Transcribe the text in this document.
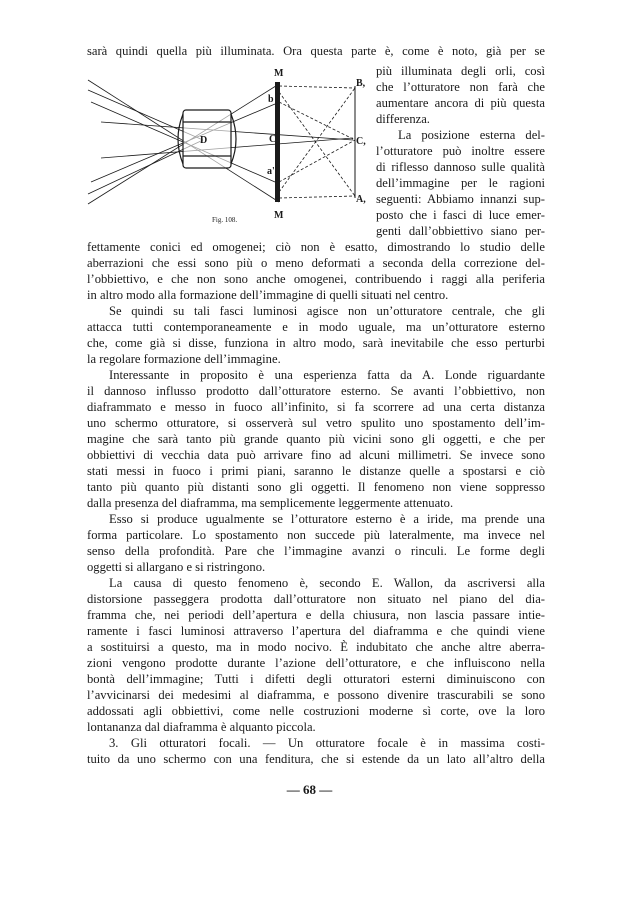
sarà quindi quella più illuminata. Ora questa parte è, come è noto, già per se
D
M
M
b
C
a'
B,
C,
A,
Fig. 108.
più illuminata degli orli, così
che l’otturatore non farà che
aumentare ancora di più questa
differenza.
La posizione esterna del-
l’otturatore può inoltre essere
di riflesso dannoso sulle qualità
dell’immagine per le ragioni
seguenti: Abbiamo innanzi sup-
posto che i fasci di luce emer-
genti dall’obbiettivo siano per-
fettamente conici ed omogenei; ciò non è esatto, dimostrando lo studio delle
aberrazioni che essi sono più o meno deformati a seconda della correzione del-
l’obbiettivo, e che non sono anche omogenei, contribuendo i raggi alla periferia
in altro modo alla formazione dell’immagine di quelli situati nel centro.
Se quindi su tali fasci luminosi agisce non un’otturatore centrale, che gli
attacca tutti contemporaneamente e in modo uguale, ma un’otturatore esterno
che, come già si disse, funziona in altro modo, sarà inevitabile che esso perturbi
la regolare formazione dell’immagine.
Interessante in proposito è una esperienza fatta da A. Londe riguardante
il dannoso influsso prodotto dall’otturatore esterno. Se avanti l’obbiettivo, non
diaframmato e messo in fuoco all’infinito, si fa scorrere ad una certa distanza
uno schermo otturatore, si osserverà sul vetro spulito uno spostamento dell’im-
magine che sarà tanto più grande quanto più vicini sono gli oggetti, e che per
obbiettivi di vecchia data può arrivare fino ad alcuni millimetri. Se invece sono
stati messi in fuoco i primi piani, saranno le distanze quelle a spostarsi e ciò
tanto più quanto più distanti sono gli oggetti. Il fenomeno non viene soppresso
dalla presenza del diaframma, ma semplicemente leggermente attenuato.
Esso si produce ugualmente se l’otturatore esterno è a iride, ma prende una
forma particolare. Lo spostamento non succede più lateralmente, ma invece nel
senso della profondità. Pare che l’immagine avanzi o rinculi. Le forme degli
oggetti si allargano e si ristringono.
La causa di questo fenomeno è, secondo E. Wallon, da ascriversi alla
distorsione passeggera prodotta dall’otturatore non situato nel piano del dia-
framma che, nei periodi dell’apertura e della chiusura, non lascia passare intie-
ramente i fasci luminosi attraverso l’apertura del diaframma e che quindi viene
a sostituirsi a questo, ma in modo nocivo. È indubitato che anche altre aberra-
zioni vengono prodotte durante l’azione dell’otturatore, e che influiscono nella
bontà dell’immagine; Tutti i difetti degli otturatori esterni diminuiscono con
l’avvicinarsi dei medesimi al diaframma, e possono divenire trascurabili se sono
addossati agli obbiettivi, come nelle costruzioni moderne sì corte, ove la loro
lontananza dal diaframma è alquanto piccola.
3. Gli otturatori focali. — Un otturatore focale è in massima costi-
tuito da uno schermo con una fenditura, che si estende da un lato all’altro della
— 68 —
